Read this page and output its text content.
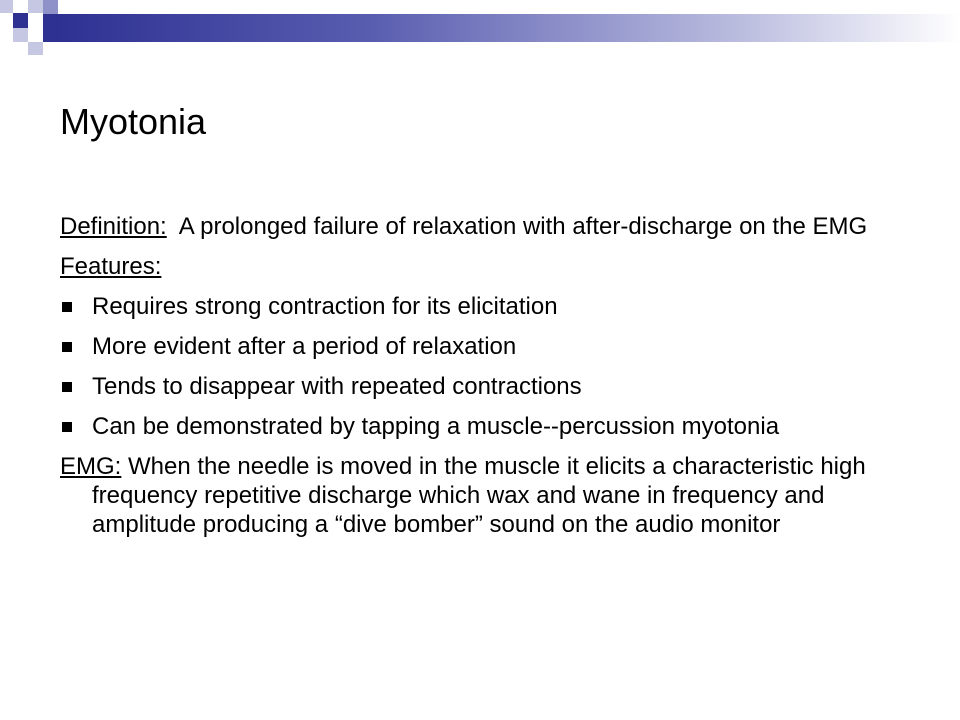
Myotonia

Definition:  A prolonged failure of relaxation with after-discharge on the EMG

Features:

Requires strong contraction for its elicitation
More evident after a period of relaxation
Tends to disappear with repeated contractions
Can be demonstrated by tapping a muscle--percussion myotonia

EMG: When the needle is moved in the muscle it elicits a characteristic high frequency repetitive discharge which wax and wane in frequency and amplitude producing a “dive bomber” sound on the audio monitor
